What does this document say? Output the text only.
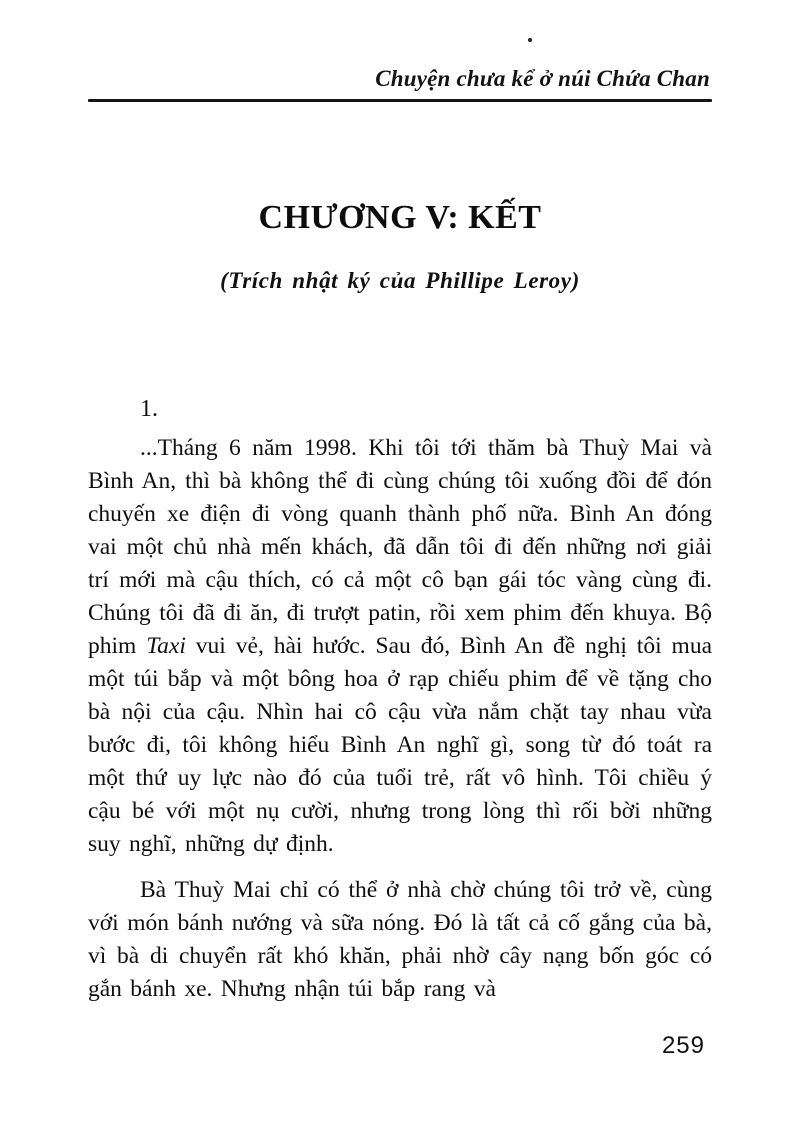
Chuyện chưa kể ở núi Chứa Chan
CHƯƠNG V: KẾT
(Trích nhật ký của Phillipe Leroy)
1.

...Tháng 6 năm 1998. Khi tôi tới thăm bà Thuỳ Mai và Bình An, thì bà không thể đi cùng chúng tôi xuống đồi để đón chuyến xe điện đi vòng quanh thành phố nữa. Bình An đóng vai một chủ nhà mến khách, đã dẫn tôi đi đến những nơi giải trí mới mà cậu thích, có cả một cô bạn gái tóc vàng cùng đi. Chúng tôi đã đi ăn, đi trượt patin, rồi xem phim đến khuya. Bộ phim Taxi vui vẻ, hài hước. Sau đó, Bình An đề nghị tôi mua một túi bắp và một bông hoa ở rạp chiếu phim để về tặng cho bà nội của cậu. Nhìn hai cô cậu vừa nắm chặt tay nhau vừa bước đi, tôi không hiểu Bình An nghĩ gì, song từ đó toát ra một thứ uy lực nào đó của tuổi trẻ, rất vô hình. Tôi chiều ý cậu bé với một nụ cười, nhưng trong lòng thì rối bời những suy nghĩ, những dự định.

Bà Thuỳ Mai chỉ có thể ở nhà chờ chúng tôi trở về, cùng với món bánh nướng và sữa nóng. Đó là tất cả cố gắng của bà, vì bà di chuyển rất khó khăn, phải nhờ cây nạng bốn góc có gắn bánh xe. Nhưng nhận túi bắp rang và

259
